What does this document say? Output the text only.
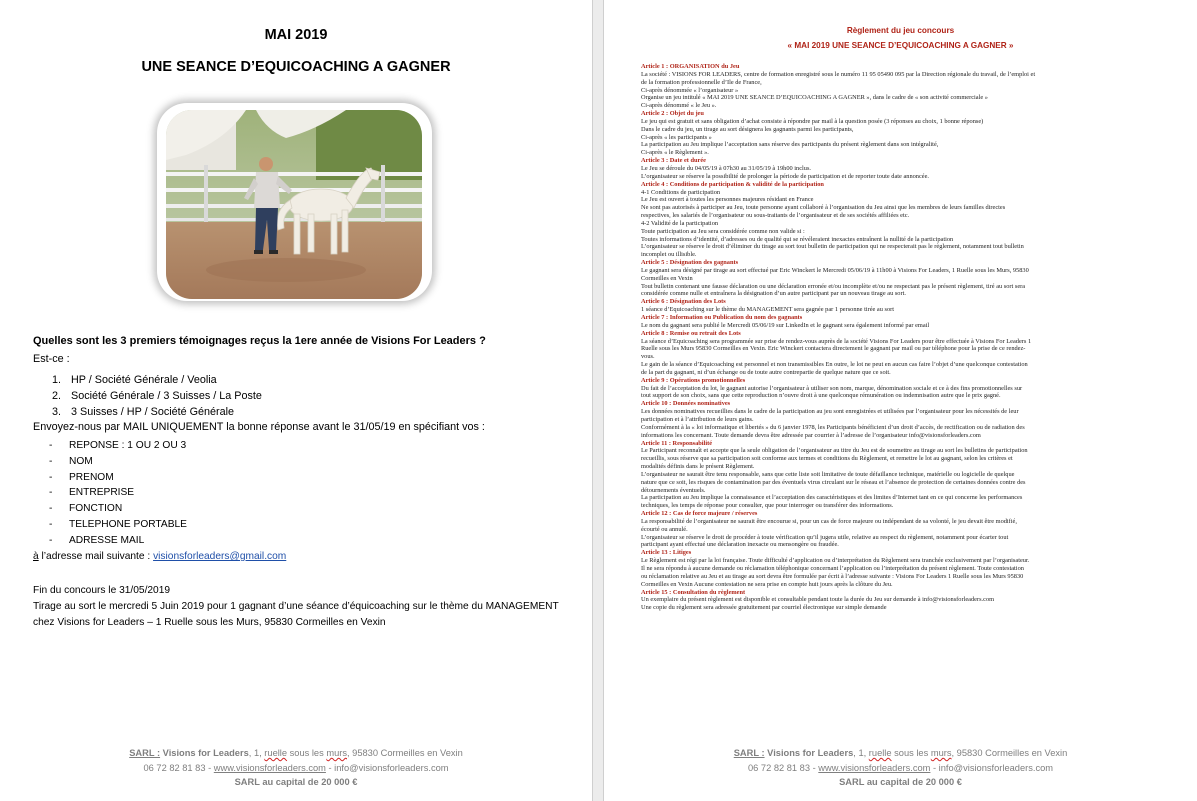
MAI 2019
UNE SEANCE D’EQUICOACHING A GAGNER
Quelles sont les 3 premiers témoignages reçus la 1ere année de Visions For Leaders ?
Est-ce :
1. HP / Société Générale / Veolia
2. Société Générale / 3 Suisses / La Poste
3. 3 Suisses / HP / Société Générale
Envoyez-nous par MAIL UNIQUEMENT la bonne réponse avant le 31/05/19 en spécifiant vos :
- REPONSE : 1 OU 2 OU 3
- NOM
- PRENOM
- ENTREPRISE
- FONCTION
- TELEPHONE PORTABLE
- ADRESSE MAIL
à l’adresse mail suivante : visionsforleaders@gmail.com
Fin du concours le 31/05/2019
Tirage au sort le mercredi 5 Juin 2019 pour 1 gagnant d’une séance d’équicoaching sur le thème du MANAGEMENT
chez Visions for Leaders – 1 Ruelle sous les Murs, 95830 Cormeilles en Vexin
SARL : Visions for Leaders, 1, ruelle sous les murs, 95830 Cormeilles en Vexin
06 72 82 81 83 - www.visionsforleaders.com - info@visionsforleaders.com
SARL au capital de 20 000 €
Règlement du jeu concours
« MAI 2019 UNE SEANCE D’EQUICOACHING A GAGNER »
Article 1 : ORGANISATION du Jeu
La société : VISIONS FOR LEADERS, centre de formation enregistré sous le numéro 11 95 05490 095 par la Direction régionale du travail, de l’emploi et
de la formation professionnelle d’Ile de France,
Ci-après dénommée « l’organisateur »
Organise un jeu intitulé « MAI 2019 UNE SEANCE D’EQUICOACHING A GAGNER », dans le cadre de « son activité commerciale »
Ci-après dénommé « le Jeu ».
Article 2 : Objet du jeu
Le jeu qui est gratuit et sans obligation d’achat consiste à répondre par mail à la question posée (3 réponses au choix, 1 bonne réponse)
Dans le cadre du jeu, un tirage au sort désignera les gagnants parmi les participants,
Ci-après « les participants »
La participation au Jeu implique l’acceptation sans réserve des participants du présent règlement dans son intégralité,
Ci-après « le Règlement ».
Article 3 : Date et durée
Le Jeu se déroule du 04/05/19 à 07h30 au 31/05/19 à 19h00 inclus.
L’organisateur se réserve la possibilité de prolonger la période de participation et de reporter toute date annoncée.
Article 4 : Conditions de participation & validité de la participation
4-1 Conditions de participation
Le Jeu est ouvert à toutes les personnes majeures résidant en France
Ne sont pas autorisés à participer au Jeu, toute personne ayant collaboré à l’organisation du Jeu ainsi que les membres de leurs familles directes
respectives, les salariés de l’organisateur ou sous-traitants de l’organisateur et de ses sociétés affiliées etc.
4-2 Validité de la participation
Toute participation au Jeu sera considérée comme non valide si :
Toutes informations d’identité, d’adresses ou de qualité qui se révéleraient inexactes entraînent la nullité de la participation
L’organisateur se réserve le droit d’éliminer du tirage au sort tout bulletin de participation qui ne respecterait pas le règlement, notamment tout bulletin
incomplet ou illisible.
Article 5 : Désignation des gagnants
Le gagnant sera désigné par tirage au sort effectué par Eric Winckert le Mercredi 05/06/19 à 11h00 à Visions For Leaders, 1 Ruelle sous les Murs, 95830
Cormeilles en Vexin
Tout bulletin contenant une fausse déclaration ou une déclaration erronée et/ou incomplète et/ou ne respectant pas le présent règlement, tiré au sort sera
considérée comme nulle et entraînera la désignation d’un autre participant par un nouveau tirage au sort.
Article 6 : Désignation des Lots
1 séance d’Equicoaching sur le thème du MANAGEMENT sera gagnée par 1 personne tirée au sort
Article 7 : Information ou Publication du nom des gagnants
Le nom du gagnant sera publié le Mercredi 05/06/19 sur LinkedIn et le gagnant sera également informé par email
Article 8 : Remise ou retrait des Lots
La séance d’Equicoaching sera programmée sur prise de rendez-vous auprès de la société Visions For Leaders pour être effectuée à Visions For Leaders 1
Ruelle sous les Murs 95830 Cormeilles en Vexin. Eric Winckert contactera directement le gagnant par mail ou par téléphone pour la prise de ce rendez-
vous.
Le gain de la séance d’Equicoaching est personnel et non transmissibles En outre, le lot ne peut en aucun cas faire l’objet d’une quelconque contestation
de la part du gagnant, ni d’un échange ou de toute autre contrepartie de quelque nature que ce soit.
Article 9 : Opérations promotionnelles
Du fait de l’acceptation du lot, le gagnant autorise l’organisateur à utiliser son nom, marque, dénomination sociale et ce à des fins promotionnelles sur
tout support de son choix, sans que cette reproduction n’ouvre droit à une quelconque rémunération ou indemnisation autre que le prix gagné.
Article 10 : Données nominatives
Les données nominatives recueillies dans le cadre de la participation au jeu sont enregistrées et utilisées par l’organisateur pour les nécessités de leur
participation et à l’attribution de leurs gains.
Conformément à la « loi informatique et libertés » du 6 janvier 1978, les Participants bénéficient d’un droit d’accès, de rectification ou de radiation des
informations les concernant. Toute demande devra être adressée par courrier à l’adresse de l’organisateur info@visionsforleaders.com
Article 11 : Responsabilité
Le Participant reconnaît et accepte que la seule obligation de l’organisateur au titre du Jeu est de soumettre au tirage au sort les bulletins de participation
recueillis, sous réserve que sa participation soit conforme aux termes et conditions du Règlement, et remettre le lot au gagnant, selon les critères et
modalités définis dans le présent Règlement.
L’organisateur ne saurait être tenu responsable, sans que cette liste soit limitative de toute défaillance technique, matérielle ou logicielle de quelque
nature que ce soit, les risques de contamination par des éventuels virus circulant sur le réseau et l’absence de protection de certaines données contre des
détournements éventuels.
La participation au Jeu implique la connaissance et l’acceptation des caractéristiques et des limites d’Internet tant en ce qui concerne les performances
techniques, les temps de réponse pour consulter, que pour interroger ou transférer des informations.
Article 12 : Cas de force majeure / réserves
La responsabilité de l’organisateur ne saurait être encourue si, pour un cas de force majeure ou indépendant de sa volonté, le jeu devait être modifié,
écourté ou annulé.
L’organisateur se réserve le droit de procéder à toute vérification qu’il jugera utile, relative au respect du règlement, notamment pour écarter tout
participant ayant effectué une déclaration inexacte ou mensongère ou fraudée.
Article 13 : Litiges
Le Règlement est régi par la loi française. Toute difficulté d’application ou d’interprétation du Règlement sera tranchée exclusivement par l’organisateur.
Il ne sera répondu à aucune demande ou réclamation téléphonique concernant l’application ou l’interprétation du présent règlement. Toute contestation
ou réclamation relative au Jeu et au tirage au sort devra être formulée par écrit à l’adresse suivante : Visions For Leaders 1 Ruelle sous les Murs 95830
Cormeilles en Vexin Aucune contestation ne sera prise en compte huit jours après la clôture du Jeu.
Article 15 : Consultation du règlement
Un exemplaire du présent règlement est disponible et consultable pendant toute la durée du Jeu sur demande à info@visionsforleaders.com
Une copie du règlement sera adressée gratuitement par courriel électronique sur simple demande
SARL : Visions for Leaders, 1, ruelle sous les murs, 95830 Cormeilles en Vexin
06 72 82 81 83 - www.visionsforleaders.com - info@visionsforleaders.com
SARL au capital de 20 000 €
